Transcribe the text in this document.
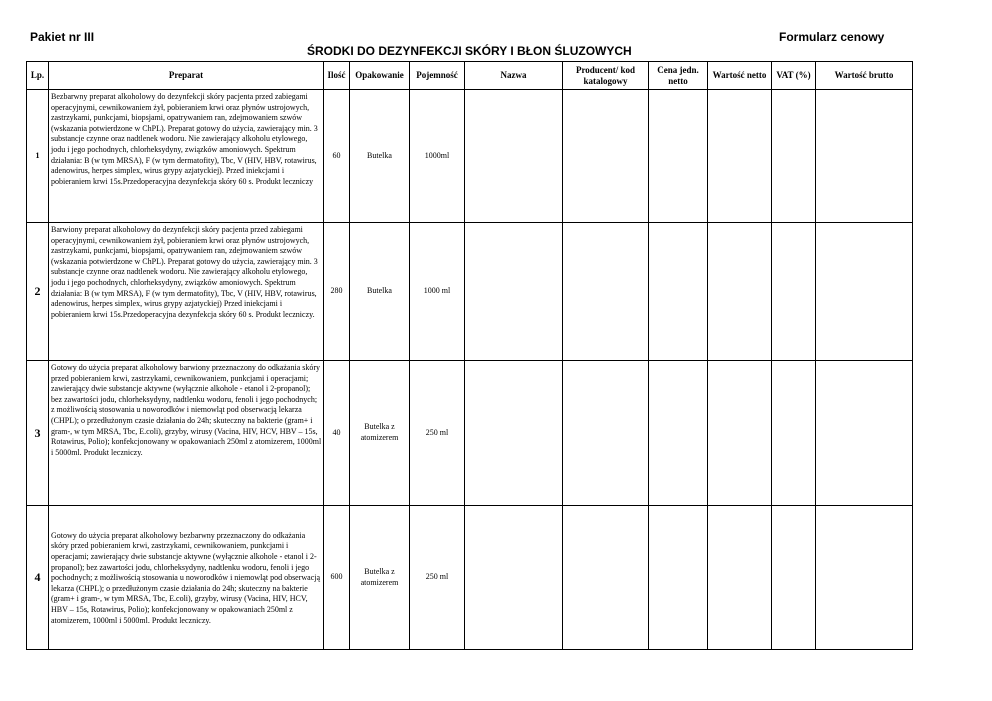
Pakiet nr III	Formularz cenowy
ŚRODKI DO DEZYNFEKCJI SKÓRY I BŁON ŚLUZOWYCH
Lp.	Preparat	Ilość	Opakowanie	Pojemność	Nazwa	Producent/ kod katalogowy	Cena jedn. netto	Wartość netto	VAT (%)	Wartość brutto
1	Bezbarwny preparat alkoholowy do dezynfekcji skóry pacjenta przed zabiegami operacyjnymi, cewnikowaniem żył, pobieraniem krwi oraz płynów ustrojowych, zastrzykami, punkcjami, biopsjami, opatrywaniem ran, zdejmowaniem szwów (wskazania potwierdzone w ChPL). Preparat gotowy do użycia, zawierający min. 3 substancje czynne oraz nadtlenek wodoru. Nie zawierający alkoholu etylowego, jodu i jego pochodnych, chlorheksydyny, związków amoniowych. Spektrum działania: B (w tym MRSA), F (w tym dermatofity), Tbc, V (HIV, HBV, rotawirus, adenowirus, herpes simplex, wirus grypy azjatyckiej). Przed iniekcjami i pobieraniem krwi 15s.Przedoperacyjna dezynfekcja skóry 60 s. Produkt leczniczy	60	Butelka	1000ml						
2	Barwiony preparat alkoholowy do dezynfekcji skóry pacjenta przed zabiegami operacyjnymi, cewnikowaniem żył, pobieraniem krwi oraz płynów ustrojowych, zastrzykami, punkcjami, biopsjami, opatrywaniem ran, zdejmowaniem szwów (wskazania potwierdzone w ChPL). Preparat gotowy do użycia, zawierający min. 3 substancje czynne oraz nadtlenek wodoru. Nie zawierający alkoholu etylowego, jodu i jego pochodnych, chlorheksydyny, związków amoniowych. Spektrum działania: B (w tym MRSA), F (w tym dermatofity), Tbc, V (HIV, HBV, rotawirus, adenowirus, herpes simplex, wirus grypy azjatyckiej) Przed iniekcjami i pobieraniem krwi 15s.Przedoperacyjna dezynfekcja skóry 60 s. Produkt leczniczy.	280	Butelka	1000 ml						
3	Gotowy do użycia preparat alkoholowy barwiony przeznaczony do odkażania skóry przed pobieraniem krwi, zastrzykami, cewnikowaniem, punkcjami i operacjami; zawierający dwie substancje aktywne (wyłącznie alkohole - etanol i 2-propanol); bez zawartości jodu, chlorheksydyny, nadtlenku wodoru, fenoli i jego pochodnych; z możliwością stosowania u noworodków i niemowląt pod obserwacją lekarza (CHPL); o przedłużonym czasie działania do 24h; skuteczny na bakterie (gram+ i gram-, w tym MRSA, Tbc, E.coli), grzyby, wirusy (Vacina, HIV, HCV, HBV – 15s, Rotawirus, Polio); konfekcjonowany w opakowaniach 250ml z atomizerem, 1000ml i 5000ml. Produkt leczniczy.	40	Butelka z atomizerem	250 ml						
4	Gotowy do użycia preparat alkoholowy bezbarwny przeznaczony do odkażania skóry przed pobieraniem krwi, zastrzykami, cewnikowaniem, punkcjami i operacjami; zawierający dwie substancje aktywne (wyłącznie alkohole - etanol i 2-propanol); bez zawartości jodu, chlorheksydyny, nadtlenku wodoru, fenoli i jego pochodnych; z możliwością stosowania u noworodków i niemowląt pod obserwacją lekarza (CHPL); o przedłużonym czasie działania do 24h; skuteczny na bakterie (gram+ i gram-, w tym MRSA, Tbc, E.coli), grzyby, wirusy (Vacina, HIV, HCV, HBV – 15s, Rotawirus, Polio); konfekcjonowany w opakowaniach 250ml z atomizerem, 1000ml i 5000ml. Produkt leczniczy.	600	Butelka z atomizerem	250 ml						
